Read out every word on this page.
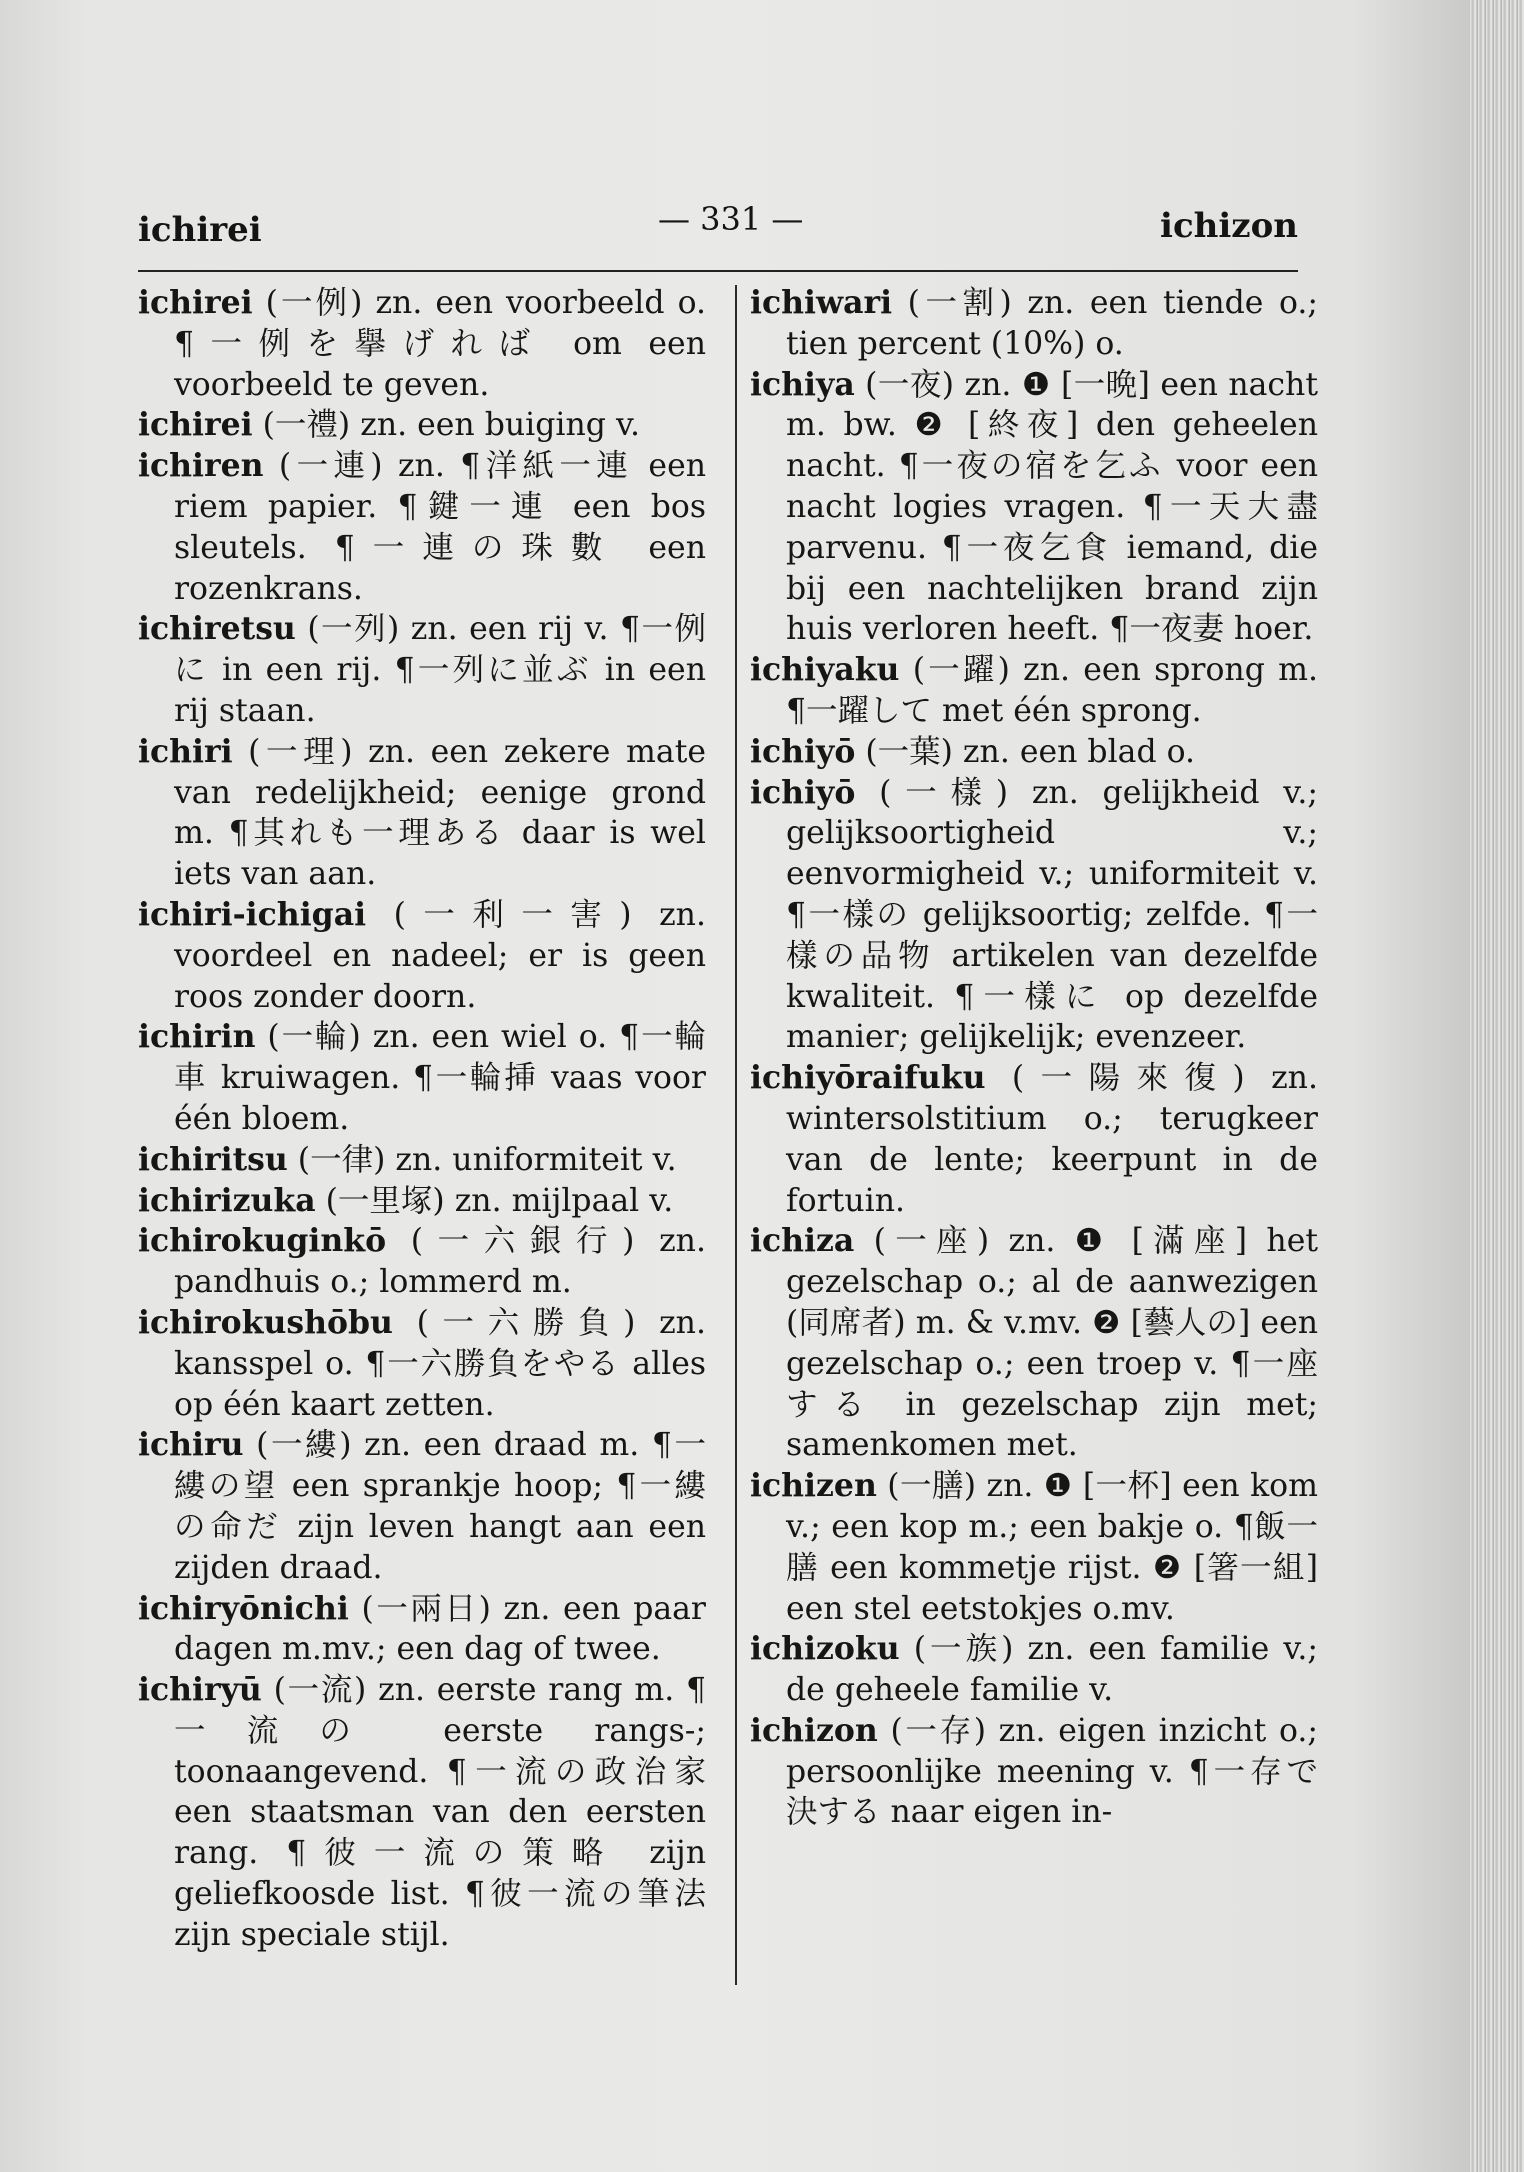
ichirei	— 331 —	ichizon

ichirei (一例) zn. een voorbeeld o. ¶一例を擧げれば om een voorbeeld te geven.

ichirei (一禮) zn. een buiging v.

ichiren (一連) zn. ¶洋紙一連 een riem papier. ¶鍵一連 een bos sleutels. ¶一連の珠數 een rozenkrans.

ichiretsu (一列) zn. een rij v. ¶一例に in een rij. ¶一列に並ぶ in een rij staan.

ichiri (一理) zn. een zekere mate van redelijkheid; eenige grond m. ¶其れも一理ある daar is wel iets van aan.

ichiri-ichigai (一利一害) zn. voordeel en nadeel; er is geen roos zonder doorn.

ichirin (一輪) zn. een wiel o. ¶一輪車 kruiwagen. ¶一輪挿 vaas voor één bloem.

ichiritsu (一律) zn. uniformiteit v.

ichirizuka (一里塚) zn. mijlpaal v.

ichirokuginkō (一六銀行) zn. pandhuis o.; lommerd m.

ichirokushōbu (一六勝負) zn. kansspel o. ¶一六勝負をやる alles op één kaart zetten.

ichiru (一縷) zn. een draad m. ¶一縷の望 een sprankje hoop; ¶一縷の命だ zijn leven hangt aan een zijden draad.

ichiryōnichi (一兩日) zn. een paar dagen m.mv.; een dag of twee.

ichiryū (一流) zn. eerste rang m. ¶一流の eerste rangs-; toonaangevend. ¶一流の政治家 een staatsman van den eersten rang. ¶彼一流の策略 zijn geliefkoosde list. ¶彼一流の筆法 zijn speciale stijl.

ichiwari (一割) zn. een tiende o.; tien percent (10%) o.

ichiya (一夜) zn. ❶ [一晩] een nacht m. bw. ❷ [終夜] den geheelen nacht. ¶一夜の宿を乞ふ voor een nacht logies vragen. ¶一天大盡 parvenu. ¶一夜乞食 iemand, die bij een nachtelijken brand zijn huis verloren heeft. ¶一夜妻 hoer.

ichiyaku (一躍) zn. een sprong m. ¶一躍して met één sprong.

ichiyō (一葉) zn. een blad o.

ichiyō (一樣) zn. gelijkheid v.; gelijksoortigheid v.; eenvormigheid v.; uniformiteit v. ¶一樣の gelijksoortig; zelfde. ¶一樣の品物 artikelen van dezelfde kwaliteit. ¶一樣に op dezelfde manier; gelijkelijk; evenzeer.

ichiyōraifuku (一陽來復) zn. wintersolstitium o.; terugkeer van de lente; keerpunt in de fortuin.

ichiza (一座) zn. ❶ [滿座] het gezelschap o.; al de aanwezigen (同席者) m. & v.mv. ❷ [藝人の] een gezelschap o.; een troep v. ¶一座する in gezelschap zijn met; samenkomen met.

ichizen (一膳) zn. ❶ [一杯] een kom v.; een kop m.; een bakje o. ¶飯一膳 een kommetje rijst. ❷ [箸一組] een stel eetstokjes o.mv.

ichizoku (一族) zn. een familie v.; de geheele familie v.

ichizon (一存) zn. eigen inzicht o.; persoonlijke meening v. ¶一存で決する naar eigen in-
